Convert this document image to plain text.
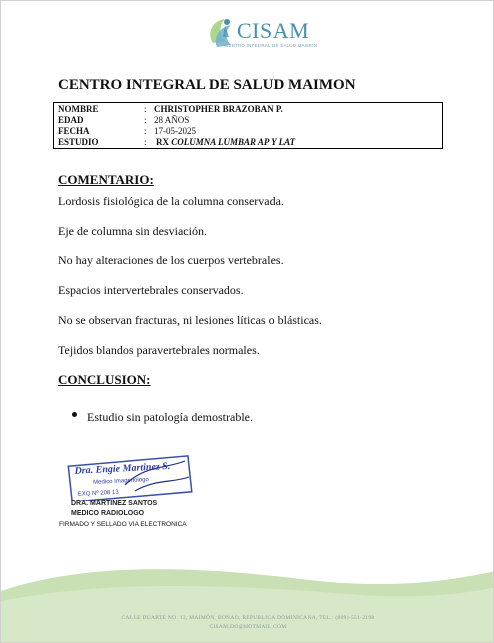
CISAM
CENTRO INTEGRAL DE SALUD MAIMON
CENTRO INTEGRAL DE SALUD MAIMON
NOMBRE	: CHRISTOPHER BRAZOBAN P.
EDAD	: 28 AÑOS
FECHA	: 17-05-2025
ESTUDIO	: RX COLUMNA LUMBAR AP Y LAT
COMENTARIO:
Lordosis fisiológica de la columna conservada.
Eje de columna sin desviación.
No hay alteraciones de los cuerpos vertebrales.
Espacios intervertebrales conservados.
No se observan fracturas, ni lesiones líticas o blásticas.
Tejidos blandos paravertebrales normales.
CONCLUSION:
Estudio sin patología demostrable.
Dra. Engie Martinez S.
Medico Imagenologo
EXQ Nº 208 13
DRA. MARTINEZ SANTOS
MEDICO RADIOLOGO
FIRMADO Y SELLADO VIA ELECTRONICA
CALLE DUARTE NO. 13, MAIMÓN, BONAO, REPUBLICA DOMINICANA, TEL.: (809)-551-2198
CISAM.DO@HOTMAIL.COM
